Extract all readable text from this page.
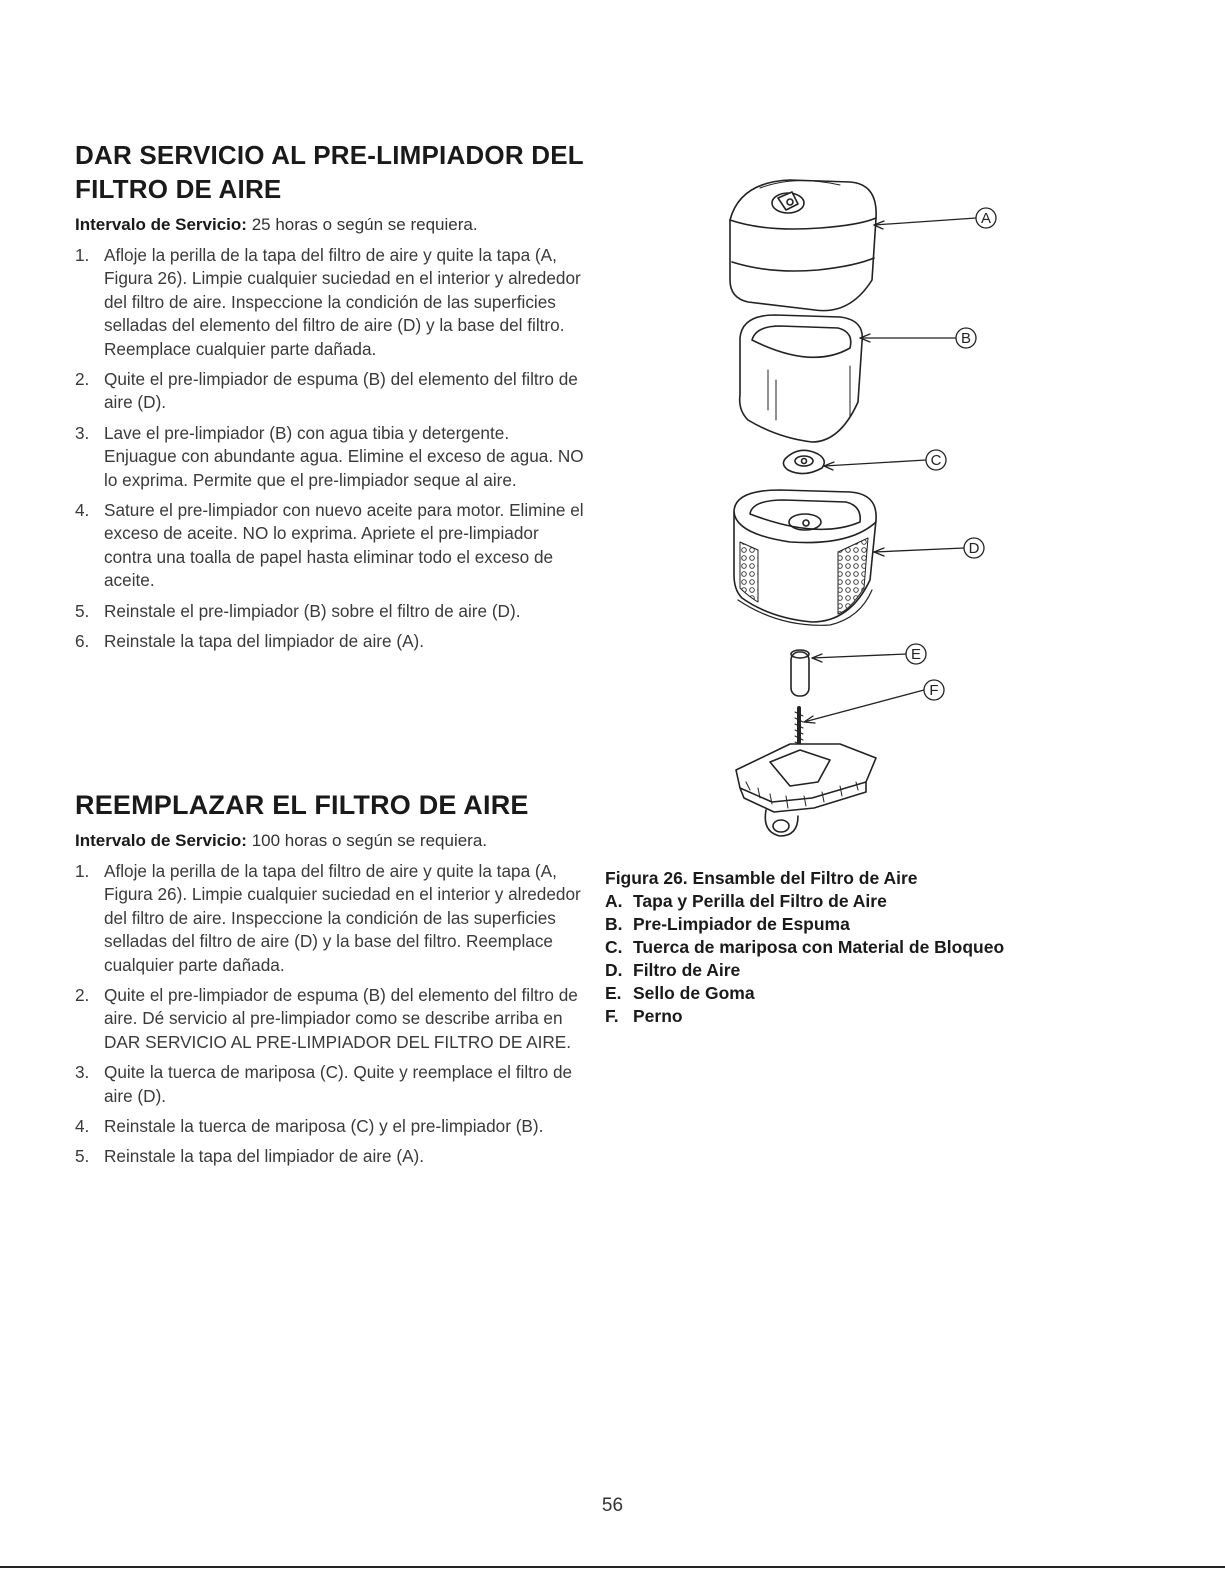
DAR SERVICIO AL PRE-LIMPIADOR DEL
FILTRO DE AIRE
Intervalo de Servicio: 25 horas o según se requiera.
1. Afloje la perilla de la tapa del filtro de aire y quite la tapa (A, Figura 26). Limpie cualquier suciedad en el interior y alrededor del filtro de aire. Inspeccione la condición de las superficies selladas del elemento del filtro de aire (D) y la base del filtro. Reemplace cualquier parte dañada.
2. Quite el pre-limpiador de espuma (B) del elemento del filtro de aire (D).
3. Lave el pre-limpiador (B) con agua tibia y detergente. Enjuague con abundante agua. Elimine el exceso de agua. NO lo exprima. Permite que el pre-limpiador seque al aire.
4. Sature el pre-limpiador con nuevo aceite para motor. Elimine el exceso de aceite. NO lo exprima. Apriete el pre-limpiador contra una toalla de papel hasta eliminar todo el exceso de aceite.
5. Reinstale el pre-limpiador (B) sobre el filtro de aire (D).
6. Reinstale la tapa del limpiador de aire (A).
REEMPLAZAR EL FILTRO DE AIRE
Intervalo de Servicio: 100 horas o según se requiera.
1. Afloje la perilla de la tapa del filtro de aire y quite la tapa (A, Figura 26). Limpie cualquier suciedad en el interior y alrededor del filtro de aire. Inspeccione la condición de las superficies selladas del filtro de aire (D) y la base del filtro. Reemplace cualquier parte dañada.
2. Quite el pre-limpiador de espuma (B) del elemento del filtro de aire. Dé servicio al pre-limpiador como se describe arriba en DAR SERVICIO AL PRE-LIMPIADOR DEL FILTRO DE AIRE.
3. Quite la tuerca de mariposa (C). Quite y reemplace el filtro de aire (D).
4. Reinstale la tuerca de mariposa (C) y el pre-limpiador (B).
5. Reinstale la tapa del limpiador de aire (A).
A
B
C
D
E
F
Figura 26. Ensamble del Filtro de Aire
A. Tapa y Perilla del Filtro de Aire
B. Pre-Limpiador de Espuma
C. Tuerca de mariposa con Material de Bloqueo
D. Filtro de Aire
E. Sello de Goma
F. Perno
56
